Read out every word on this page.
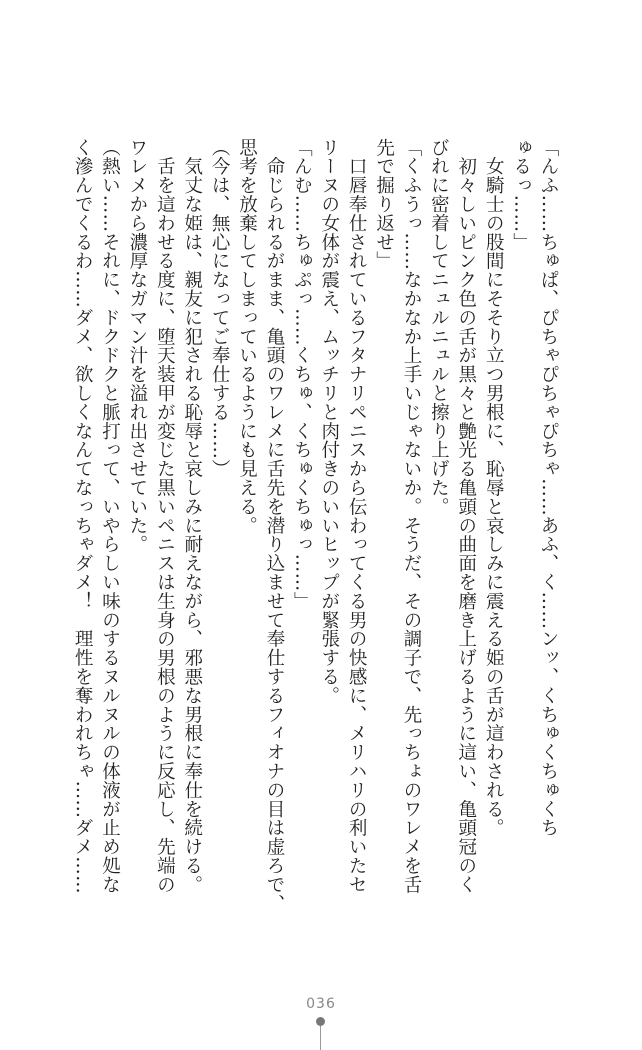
「んふ……ちゅぱ、ぴちゃぴちゃぴちゃ……あふ、く……ンッ、くちゅくちゅくち
ゅるっ……」
　女騎士の股間にそそり立つ男根に、恥辱と哀しみに震える姫の舌が這わされる。
　初々しいピンク色の舌が黒々と艶光る亀頭の曲面を磨き上げるように這い、亀頭冠のく
びれに密着してニュルニュルと擦り上げた。
「くふうっ……なかなか上手いじゃないか。そうだ、その調子で、先っちょのワレメを舌
先で掘り返せ」
　口唇奉仕されているフタナリペニスから伝わってくる男の快感に、メリハリの利いたセ
リーヌの女体が震え、ムッチリと肉付きのいいヒップが緊張する。
「んむ……ちゅぷっ……くちゅ、くちゅくちゅっ……」
　命じられるがまま、亀頭のワレメに舌先を潜り込ませて奉仕するフィオナの目は虚ろで、
思考を放棄してしまっているようにも見える。
（今は、無心になってご奉仕する……）
　気丈な姫は、親友に犯される恥辱と哀しみに耐えながら、邪悪な男根に奉仕を続ける。
　舌を這わせる度に、堕天装甲が変じた黒いペニスは生身の男根のように反応し、先端の
ワレメから濃厚なガマン汁を溢れ出させていた。
（熱い……それに、ドクドクと脈打って、いやらしい味のするヌルヌルの体液が止め処な
く滲んでくるわ……ダメ、欲しくなんてなっちゃダメ！　理性を奪われちゃ……ダメ……
036
